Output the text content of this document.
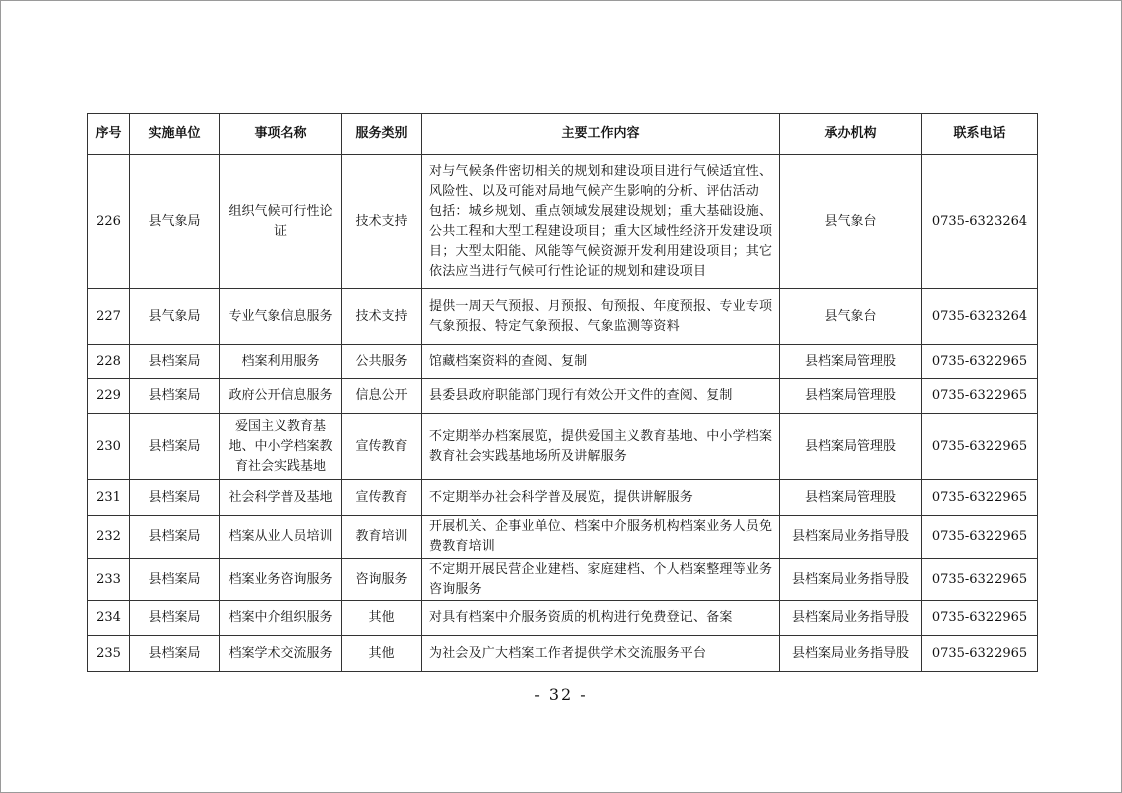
序号	实施单位	事项名称	服务类别	主要工作内容	承办机构	联系电话
226	县气象局	组织气候可行性论证	技术支持	对与气候条件密切相关的规划和建设项目进行气候适宜性、风险性、以及可能对局地气候产生影响的分析、评估活动 包括：城乡规划、重点领域发展建设规划；重大基础设施、公共工程和大型工程建设项目；重大区域性经济开发建设项目；大型太阳能、风能等气候资源开发利用建设项目；其它依法应当进行气候可行性论证的规划和建设项目	县气象台	0735-6323264
227	县气象局	专业气象信息服务	技术支持	提供一周天气预报、月预报、旬预报、年度预报、专业专项气象预报、特定气象预报、气象监测等资料	县气象台	0735-6323264
228	县档案局	档案利用服务	公共服务	馆藏档案资料的查阅、复制	县档案局管理股	0735-6322965
229	县档案局	政府公开信息服务	信息公开	县委县政府职能部门现行有效公开文件的查阅、复制	县档案局管理股	0735-6322965
230	县档案局	爱国主义教育基地、中小学档案教育社会实践基地	宣传教育	不定期举办档案展览，提供爱国主义教育基地、中小学档案教育社会实践基地场所及讲解服务	县档案局管理股	0735-6322965
231	县档案局	社会科学普及基地	宣传教育	不定期举办社会科学普及展览，提供讲解服务	县档案局管理股	0735-6322965
232	县档案局	档案从业人员培训	教育培训	开展机关、企事业单位、档案中介服务机构档案业务人员免费教育培训	县档案局业务指导股	0735-6322965
233	县档案局	档案业务咨询服务	咨询服务	不定期开展民营企业建档、家庭建档、个人档案整理等业务咨询服务	县档案局业务指导股	0735-6322965
234	县档案局	档案中介组织服务	其他	对具有档案中介服务资质的机构进行免费登记、备案	县档案局业务指导股	0735-6322965
235	县档案局	档案学术交流服务	其他	为社会及广大档案工作者提供学术交流服务平台	县档案局业务指导股	0735-6322965
- 32 -
